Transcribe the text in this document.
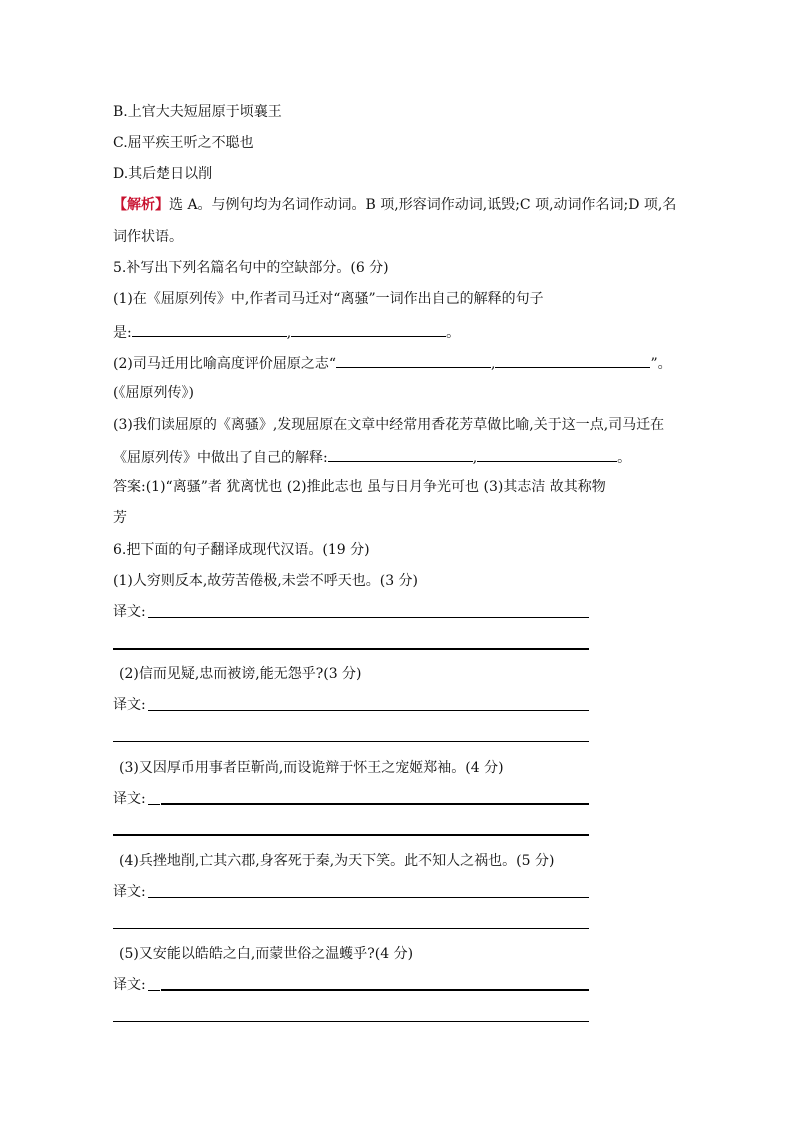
B.上官大夫短屈原于顷襄王
C.屈平疾王听之不聪也
D.其后楚日以削
【解析】选 A。与例句均为名词作动词。B 项,形容词作动词,诋毁;C 项,动词作名词;D 项,名
词作状语。
5.补写出下列名篇名句中的空缺部分。(6 分)
(1)在《屈原列传》中,作者司马迁对“离骚”一词作出自己的解释的句子
是:	,	。
(2)司马迁用比喻高度评价屈原之志“	,	”。
(《屈原列传》)
(3)我们读屈原的《离骚》,发现屈原在文章中经常用香花芳草做比喻,关于这一点,司马迁在
《屈原列传》中做出了自己的解释:	,	。
答案:(1)“离骚”者 犹离忧也 (2)推此志也 虽与日月争光可也 (3)其志洁 故其称物
芳
6.把下面的句子翻译成现代汉语。(19 分)
(1)人穷则反本,故劳苦倦极,未尝不呼天也。(3 分)
译文:
(2)信而见疑,忠而被谤,能无怨乎?(3 分)
译文:
(3)又因厚币用事者臣靳尚,而设诡辩于怀王之宠姬郑袖。(4 分)
译文:
(4)兵挫地削,亡其六郡,身客死于秦,为天下笑。此不知人之祸也。(5 分)
译文:
(5)又安能以皓皓之白,而蒙世俗之温蠖乎?(4 分)
译文:
